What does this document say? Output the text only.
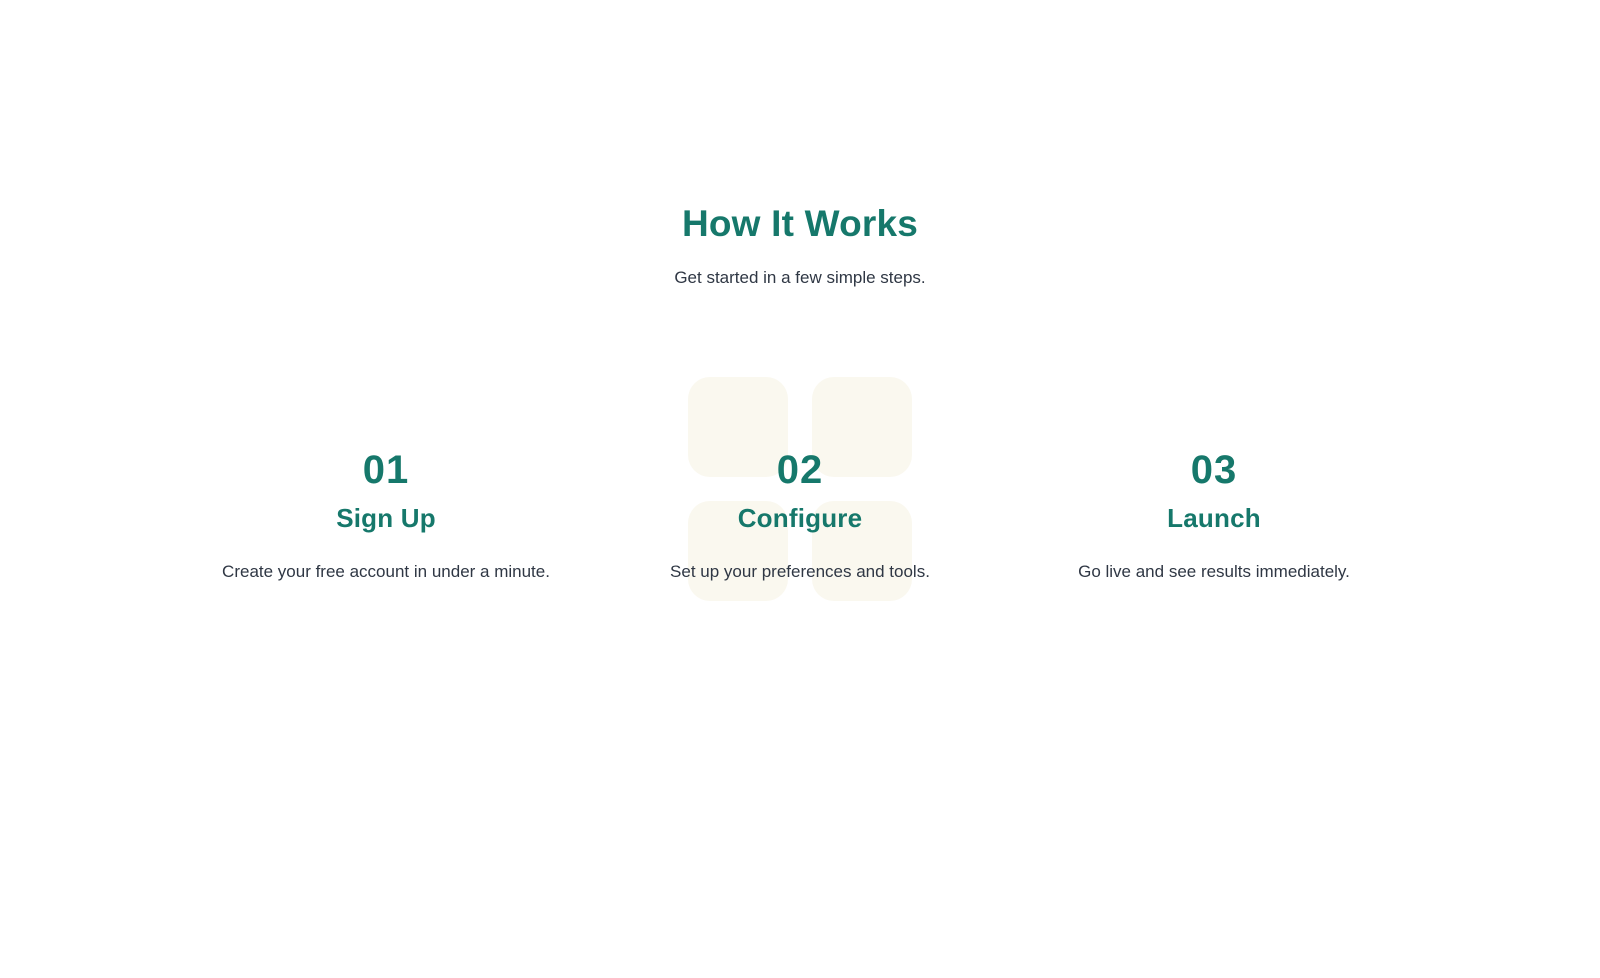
How It Works

Get started in a few simple steps.

01
Sign Up
Create your free account in under a minute.
02
Configure
Set up your preferences and tools.
03
Launch
Go live and see results immediately.
